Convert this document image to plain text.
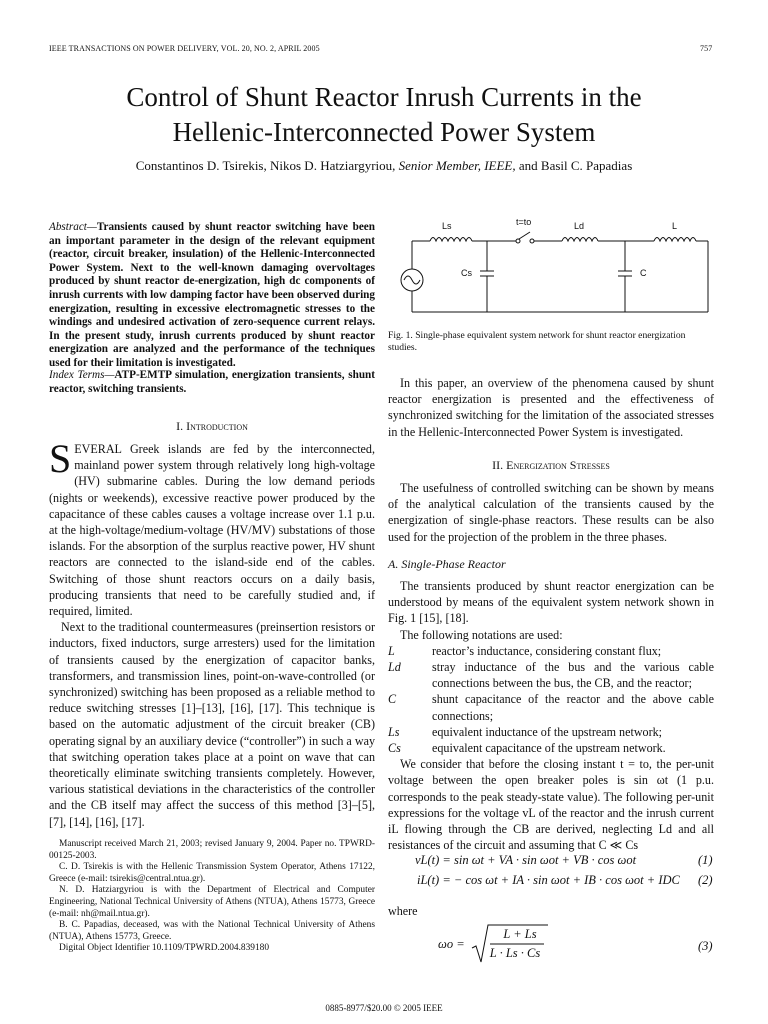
IEEE TRANSACTIONS ON POWER DELIVERY, VOL. 20, NO. 2, APRIL 2005	757
Control of Shunt Reactor Inrush Currents in the
Hellenic-Interconnected Power System
Constantinos D. Tsirekis, Nikos D. Hatziargyriou, Senior Member, IEEE, and Basil C. Papadias
Abstract—Transients caused by shunt reactor switching have been an important parameter in the design of the relevant equipment (reactor, circuit breaker, insulation) of the Hellenic-Interconnected Power System. Next to the well-known damaging overvoltages produced by shunt reactor de-energization, high dc components of inrush currents with low damping factor have been observed during energization, resulting in excessive electromagnetic stresses to the windings and undesired activation of zero-sequence current relays. In the present study, inrush currents produced by shunt reactor energization are analyzed and the performance of the techniques used for their limitation is investigated.
Index Terms—ATP-EMTP simulation, energization transients, shunt reactor, switching transients.
I. Introduction

SEVERAL Greek islands are fed by the interconnected, mainland power system through relatively long high-voltage (HV) submarine cables. During the low demand periods (nights or weekends), excessive reactive power produced by the capacitance of these cables causes a voltage increase over 1.1 p.u. at the high-voltage/medium-voltage (HV/MV) substations of those islands. For the absorption of the surplus reactive power, HV shunt reactors are connected to the island-side end of the cables. Switching of those shunt reactors occurs on a daily basis, producing transients that need to be carefully studied and, if required, limited.

Next to the traditional countermeasures (preinsertion resistors or inductors, fixed inductors, surge arresters) used for the limitation of transients caused by the energization of capacitor banks, transformers, and transmission lines, point-on-wave-controlled (or synchronized) switching has been proposed as a reliable method to reduce switching stresses [1]–[13], [16], [17]. This technique is based on the automatic adjustment of the circuit breaker (CB) operating signal by an auxiliary device (“controller”) in such a way that switching operation takes place at a point on wave that can theoretically eliminate switching transients completely. However, various statistical deviations in the characteristics of the controller and the CB itself may affect the success of this method [3]–[5], [7], [14], [16], [17].

Manuscript received March 21, 2003; revised January 9, 2004. Paper no. TPWRD-00125-2003.

C. D. Tsirekis is with the Hellenic Transmission System Operator, Athens 17122, Greece (e-mail: tsirekis@central.ntua.gr).

N. D. Hatziargyriou is with the Department of Electrical and Computer Engineering, National Technical University of Athens (NTUA), Athens 15773, Greece (e-mail: nh@mail.ntua.gr).

B. C. Papadias, deceased, was with the National Technical University of Athens (NTUA), Athens 15773, Greece.

Digital Object Identifier 10.1109/TPWRD.2004.839180

Ls	t=to	Ld	L
Cs	C
Fig. 1. Single-phase equivalent system network for shunt reactor energization studies.

In this paper, an overview of the phenomena caused by shunt reactor energization is presented and the effectiveness of synchronized switching for the limitation of the associated stresses in the Hellenic-Interconnected Power System is investigated.

II. Energization Stresses

The usefulness of controlled switching can be shown by means of the analytical calculation of the transients caused by the energization of single-phase reactors. These results can be also used for the projection of the problem in the three phases.

A. Single-Phase Reactor

The transients produced by shunt reactor energization can be understood by means of the equivalent system network shown in Fig. 1 [15], [18].

The following notations are used:

L	reactor’s inductance, considering constant flux;
Ld	stray inductance of the bus and the various cable connections between the bus, the CB, and the reactor;
C	shunt capacitance of the reactor and the above cable connections;
Ls	equivalent inductance of the upstream network;
Cs	equivalent capacitance of the upstream network.

We consider that before the closing instant t = to, the per-unit voltage between the open breaker poles is sin ωt (1 p.u. corresponds to the peak steady-state value). The following per-unit expressions for the voltage vL of the reactor and the inrush current iL flowing through the CB are derived, neglecting Ld and all resistances of the circuit and assuming that C ≪ Cs

vL(t) = sin ωt + VA · sin ωot + VB · cos ωot	(1)
iL(t) = − cos ωt + IA · sin ωot + IB · cos ωot + IDC (2)
where
ωo =
L + Ls
L · Ls · Cs	(3)
0885-8977/$20.00 © 2005 IEEE
